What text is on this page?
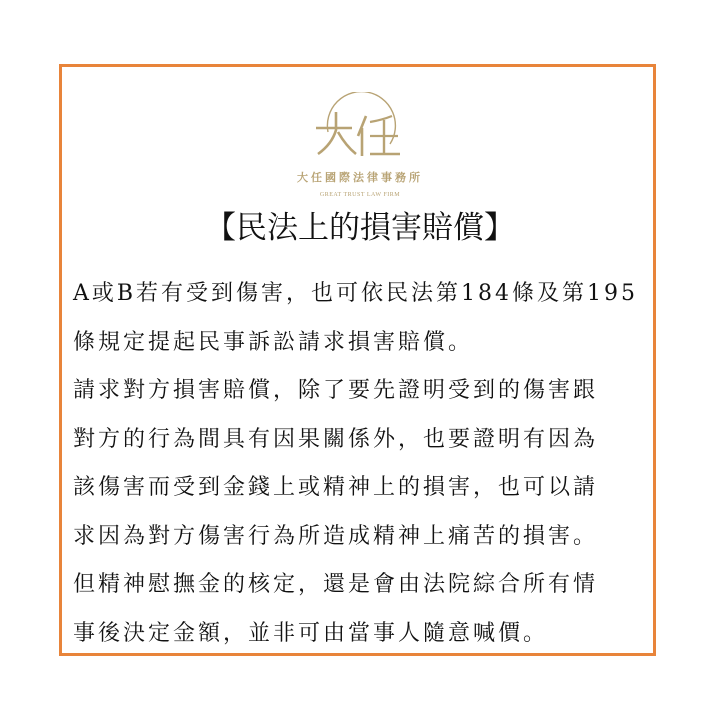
大任國際法律事務所
GREAT TRUST LAW FIRM
【民法上的損害賠償】
A或B若有受到傷害，也可依民法第184條及第195
條規定提起民事訴訟請求損害賠償。
請求對方損害賠償，除了要先證明受到的傷害跟
對方的行為間具有因果關係外，也要證明有因為
該傷害而受到金錢上或精神上的損害，也可以請
求因為對方傷害行為所造成精神上痛苦的損害。
但精神慰撫金的核定，還是會由法院綜合所有情
事後決定金額，並非可由當事人隨意喊價。
